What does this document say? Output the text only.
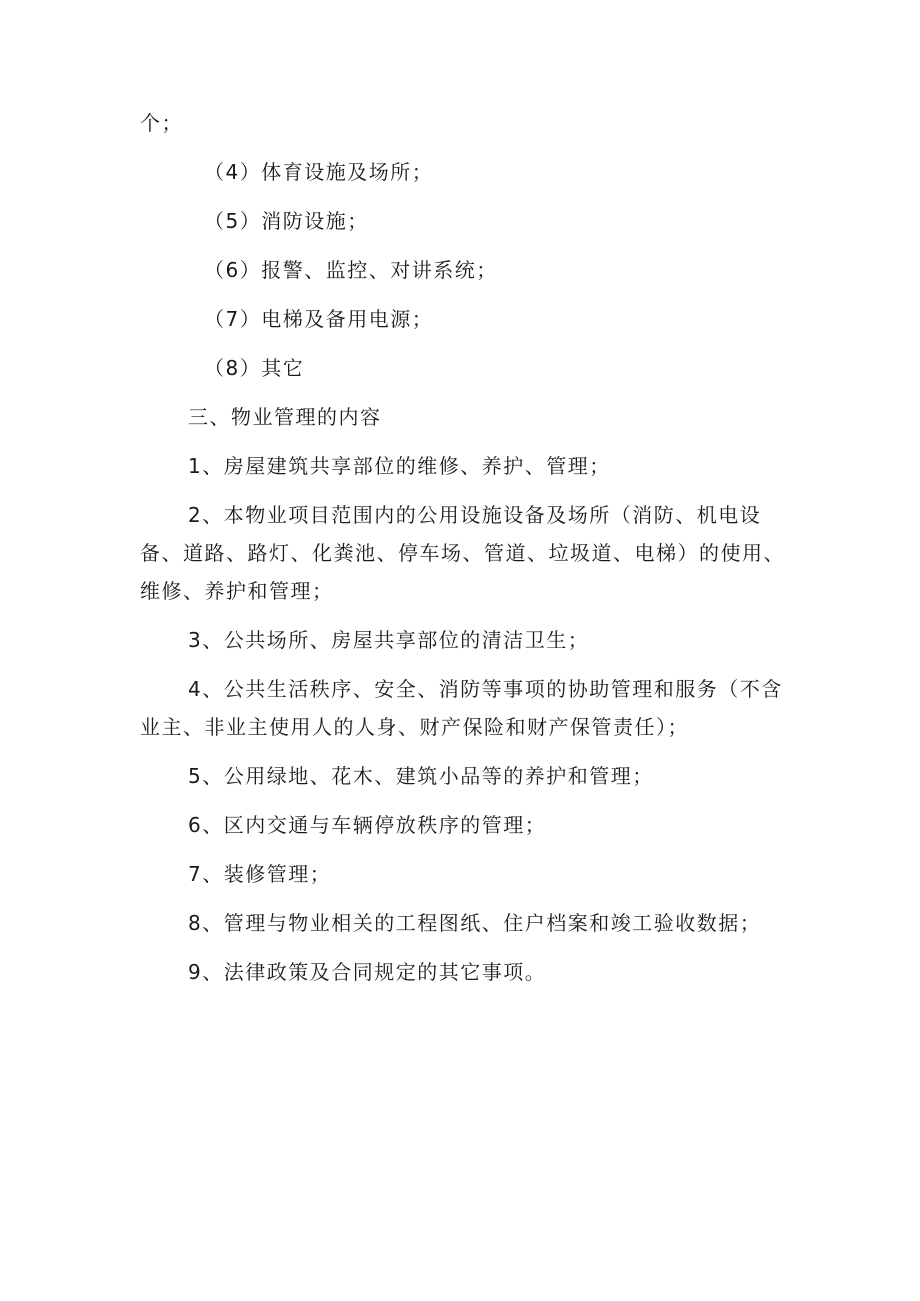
个；

（4）体育设施及场所；

（5）消防设施；

（6）报警、监控、对讲系统；

（7）电梯及备用电源；

（8）其它

三、物业管理的内容

1、房屋建筑共享部位的维修、养护、管理；

2、本物业项目范围内的公用设施设备及场所（消防、机电设备、道路、路灯、化粪池、停车场、管道、垃圾道、电梯）的使用、维修、养护和管理；

3、公共场所、房屋共享部位的清洁卫生；

4、公共生活秩序、安全、消防等事项的协助管理和服务（不含业主、非业主使用人的人身、财产保险和财产保管责任）；

5、公用绿地、花木、建筑小品等的养护和管理；

6、区内交通与车辆停放秩序的管理；

7、装修管理；

8、管理与物业相关的工程图纸、住户档案和竣工验收数据；

9、法律政策及合同规定的其它事项。
